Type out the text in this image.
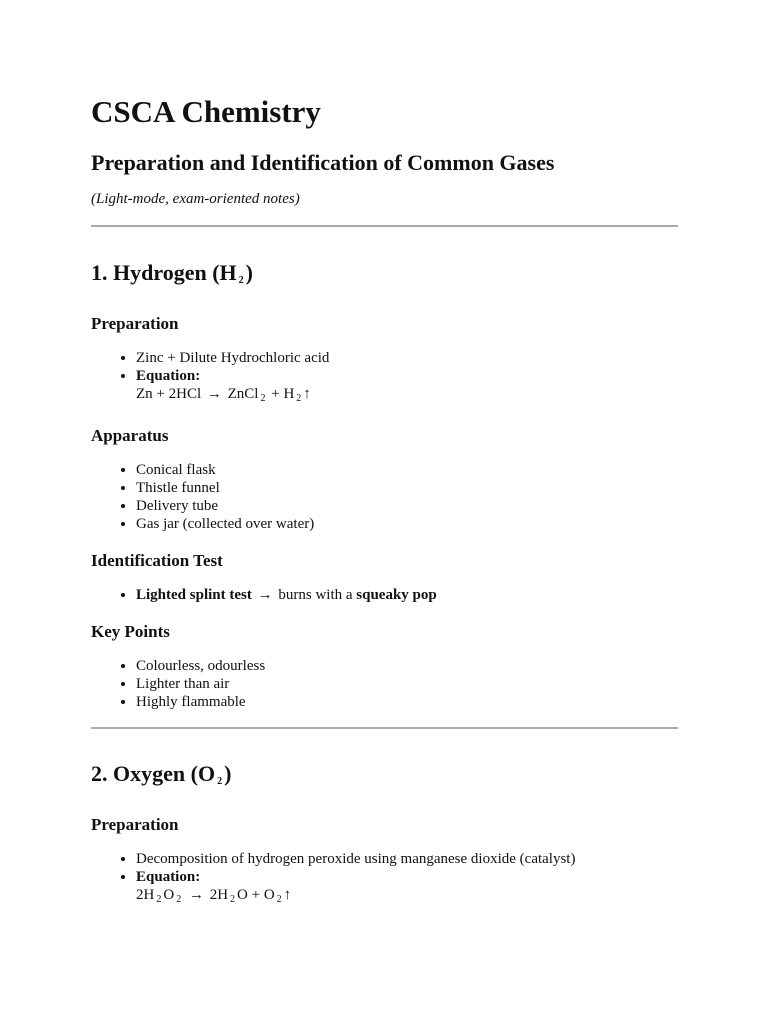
CSCA Chemistry
Preparation and Identification of Common Gases
(Light-mode, exam-oriented notes)
1. Hydrogen (H $_2$)
Preparation
• Zinc + Dilute Hydrochloric acid
• Equation:
Zn + 2HCl → ZnCl $_2$ + H $_2$ ↑
Apparatus
• Conical flask
• Thistle funnel
• Delivery tube
• Gas jar (collected over water)
Identification Test
• Lighted splint test → burns with a squeaky pop
Key Points
• Colourless, odourless
• Lighter than air
• Highly flammable
2. Oxygen (O $_2$)
Preparation
• Decomposition of hydrogen peroxide using manganese dioxide (catalyst)
• Equation:
2H $_2$ O $_2$ → 2H $_2$ O + O $_2$ ↑
